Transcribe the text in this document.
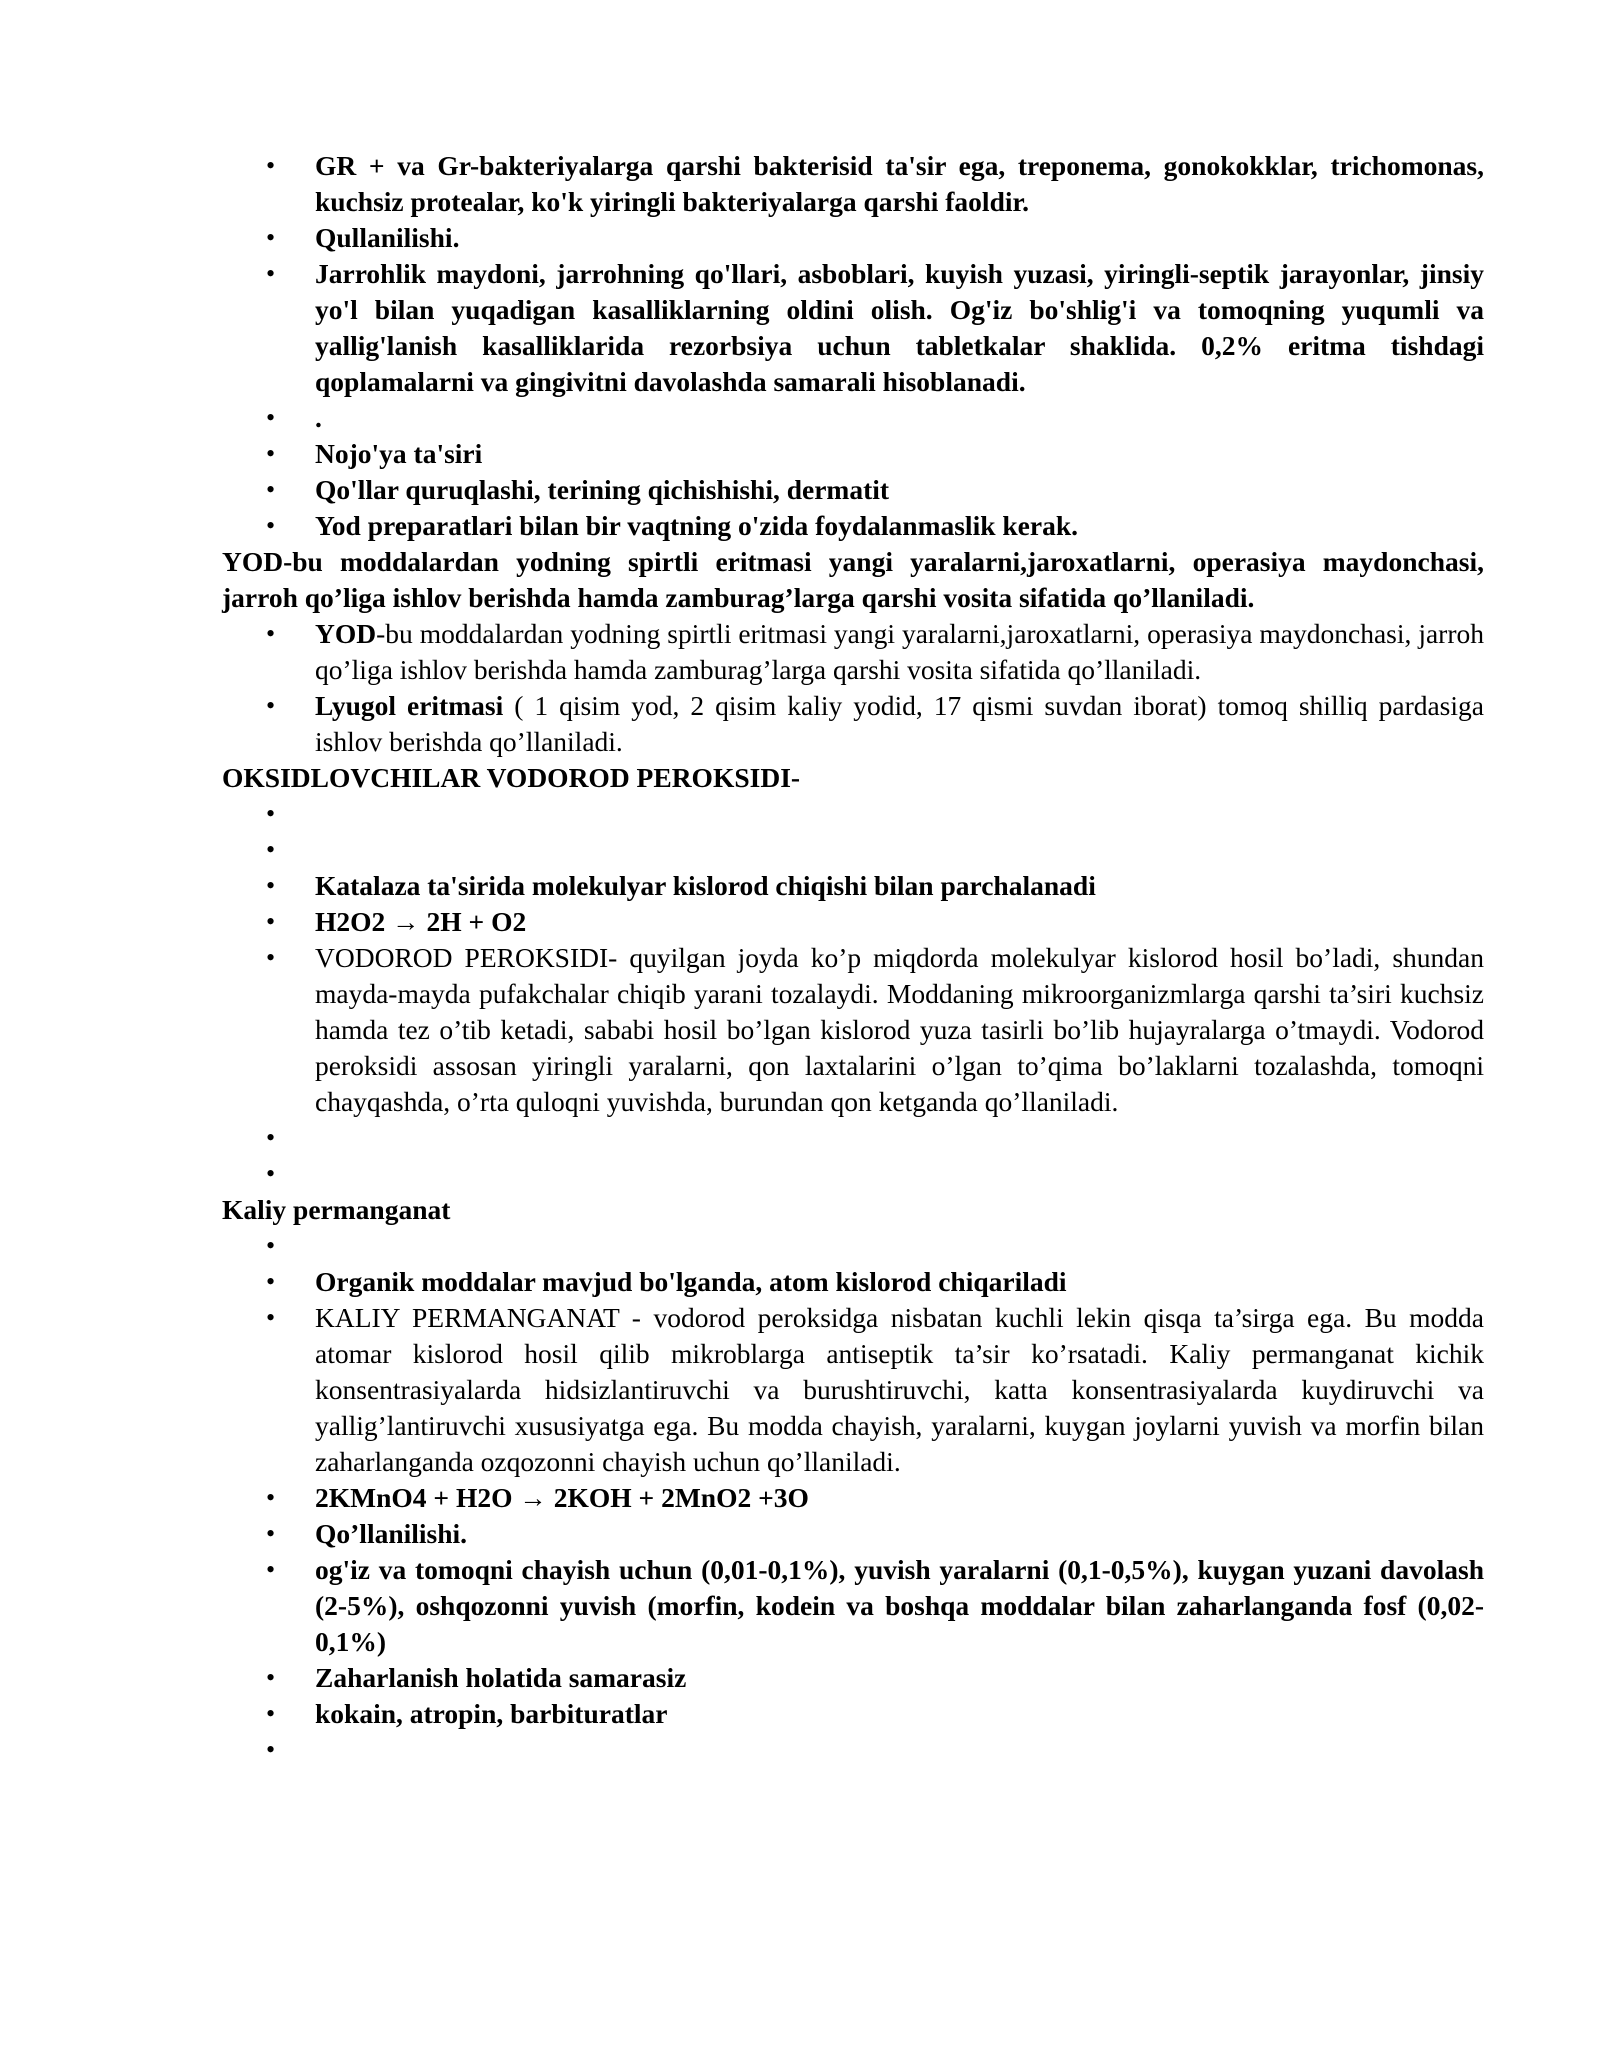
• GR + va Gr-bakteriyalarga qarshi bakterisid ta'sir ega, treponema, gonokokklar, trichomonas, kuchsiz protealar, ko'k yiringli bakteriyalarga qarshi faoldir.
• Qullanilishi.
• Jarrohlik maydoni, jarrohning qo'llari, asboblari, kuyish yuzasi, yiringli-septik jarayonlar, jinsiy yo'l bilan yuqadigan kasalliklarning oldini olish. Og'iz bo'shlig'i va tomoqning yuqumli va yallig'lanish kasalliklarida rezorbsiya uchun tabletkalar shaklida. 0,2% eritma tishdagi qoplamalarni va gingivitni davolashda samarali hisoblanadi.
• .
• Nojo'ya ta'siri
• Qo'llar quruqlashi, terining qichishishi, dermatit
• Yod preparatlari bilan bir vaqtning o'zida foydalanmaslik kerak.

YOD-bu moddalardan yodning spirtli eritmasi yangi yaralarni,jaroxatlarni, operasiya maydonchasi, jarroh qo’liga ishlov berishda hamda zamburag’larga qarshi vosita sifatida qo’llaniladi.

• YOD-bu moddalardan yodning spirtli eritmasi yangi yaralarni,jaroxatlarni, operasiya maydonchasi, jarroh qo’liga ishlov berishda hamda zamburag’larga qarshi vosita sifatida qo’llaniladi.
• Lyugol eritmasi ( 1 qisim yod, 2 qisim kaliy yodid, 17 qismi suvdan iborat) tomoq shilliq pardasiga ishlov berishda qo’llaniladi.

OKSIDLOVCHILAR VODOROD PEROKSIDI-

•
•
• Katalaza ta'sirida molekulyar kislorod chiqishi bilan parchalanadi
• H2O2 → 2H + O2
• VODOROD PEROKSIDI- quyilgan joyda ko’p miqdorda molekulyar kislorod hosil bo’ladi, shundan mayda-mayda pufakchalar chiqib yarani tozalaydi. Moddaning mikroorganizmlarga qarshi ta’siri kuchsiz hamda tez o’tib ketadi, sababi hosil bo’lgan kislorod yuza tasirli bo’lib hujayralarga o’tmaydi. Vodorod peroksidi assosan yiringli yaralarni, qon laxtalarini o’lgan to’qima bo’laklarni tozalashda, tomoqni chayqashda, o’rta quloqni yuvishda, burundan qon ketganda qo’llaniladi.
•
•

Kaliy permanganat

•
• Organik moddalar mavjud bo'lganda, atom kislorod chiqariladi
• KALIY PERMANGANAT - vodorod peroksidga nisbatan kuchli lekin qisqa ta’sirga ega. Bu modda atomar kislorod hosil qilib mikroblarga antiseptik ta’sir ko’rsatadi. Kaliy permanganat kichik konsentrasiyalarda hidsizlantiruvchi va burushtiruvchi, katta konsentrasiyalarda kuydiruvchi va yallig’lantiruvchi xususiyatga ega. Bu modda chayish, yaralarni, kuygan joylarni yuvish va morfin bilan zaharlanganda ozqozonni chayish uchun qo’llaniladi.
• 2KMnO4 + H2O → 2KOH + 2MnO2 +3O
• Qo’llanilishi.
• og'iz va tomoqni chayish uchun (0,01-0,1%), yuvish yaralarni (0,1-0,5%), kuygan yuzani davolash (2-5%), oshqozonni yuvish (morfin, kodein va boshqa moddalar bilan zaharlanganda fosf (0,02-0,1%)
• Zaharlanish holatida samarasiz
• kokain, atropin, barbituratlar
•
